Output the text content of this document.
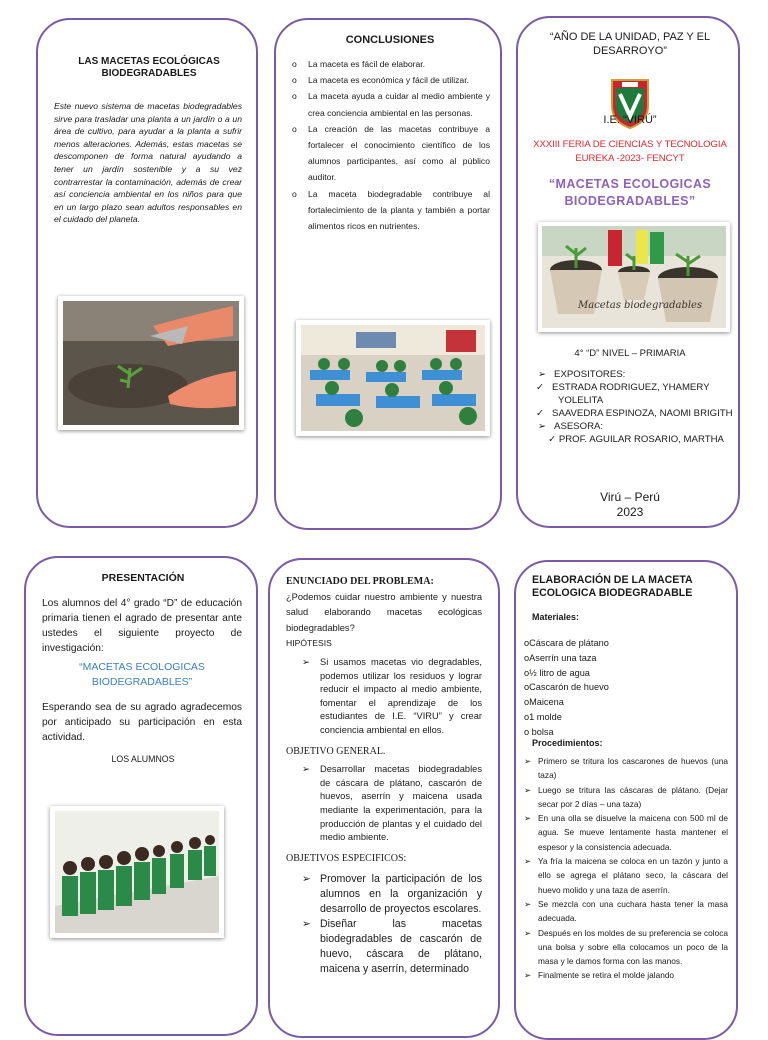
LAS MACETAS ECOLÓGICAS BIODEGRADABLES
Este nuevo sistema de macetas biodegradables sirve para trasladar una planta a un jardín o a un área de cultivo, para ayudar a la planta a sufrir menos alteraciones. Además, estas macetas se descomponen de forma natural ayudando a tener un jardín sostenible y a su vez contrarrestar la contaminación, además de crear así conciencia ambiental en los niños para que en un largo plazo sean adultos responsables en el cuidado del planeta.
CONCLUSIONES
o La maceta es fácil de elaborar.
o La maceta es económica y fácil de utilizar.
o La maceta ayuda a cuidar al medio ambiente y crea conciencia ambiental en las personas.
o La creación de las macetas contribuye a fortalecer el conocimiento científico de los alumnos participantes, así como al público auditor.
o La maceta biodegradable contribuye al fortalecimiento de la planta y también a portar alimentos ricos en nutrientes.
“AÑO DE LA UNIDAD, PAZ Y EL DESARROYO”
I.E. “VIRÚ”
XXXIII FERIA DE CIENCIAS Y TECNOLOGIA EUREKA -2023- FENCYT
“MACETAS ECOLOGICAS BIODEGRADABLES”
Macetas biodegradables
4° “D” NIVEL – PRIMARIA
➢ EXPOSITORES:
✓ ESTRADA RODRIGUEZ, YHAMERY YOLELITA
✓ SAAVEDRA ESPINOZA, NAOMI BRIGITH
➢ ASESORA:
✓ PROF. AGUILAR ROSARIO, MARTHA
Virú – Perú
2023
PRESENTACIÓN
Los alumnos del 4° grado “D” de educación primaria tienen el agrado de presentar ante ustedes el siguiente proyecto de investigación:
“MACETAS ECOLOGICAS BIODEGRADABLES”
Esperando sea de su agrado agradecemos por anticipado su participación en esta actividad.
LOS ALUMNOS
ENUNCIADO DEL PROBLEMA:
¿Podemos cuidar nuestro ambiente y nuestra salud elaborando macetas ecológicas biodegradables?
HIPÓTESIS
➢ Si usamos macetas vio degradables, podemos utilizar los residuos y lograr reducir el impacto al medio ambiente, fomentar el aprendizaje de los estudiantes de I.E. “VIRU” y crear conciencia ambiental en ellos.
OBJETIVO GENERAL.
➢ Desarrollar macetas biodegradables de cáscara de plátano, cascarón de huevos, aserrín y maicena usada mediante la experimentación, para la producción de plantas y el cuidado del medio ambiente.
OBJETIVOS ESPECIFICOS:
➢ Promover la participación de los alumnos en la organización y desarrollo de proyectos escolares.
➢ Diseñar las macetas biodegradables de cascarón de huevo, cáscara de plátano, maicena y aserrín, determinado
ELABORACIÓN DE LA MACETA ECOLOGICA BIODEGRADABLE
Materiales:
oCáscara de plátano
oAserrín una taza
o½ litro de agua
oCascarón de huevo
oMaicena
o1 molde
o bolsa
Procedimientos:
➢ Primero se tritura los cascarones de huevos (una taza)
➢ Luego se tritura las cáscaras de plátano. (Dejar secar por 2 días – una taza)
➢ En una olla se disuelve la maicena con 500 ml de agua. Se mueve lentamente hasta mantener el espesor y la consistencia adecuada.
➢ Ya fría la maicena se coloca en un tazón y junto a ello se agrega el plátano seco, la cáscara del huevo molido y una taza de aserrín.
➢ Se mezcla con una cuchara hasta tener la masa adecuada.
➢ Después en los moldes de su preferencia se coloca una bolsa y sobre ella colocamos un poco de la masa y le damos forma con las manos.
➢ Finalmente se retira el molde jalando
